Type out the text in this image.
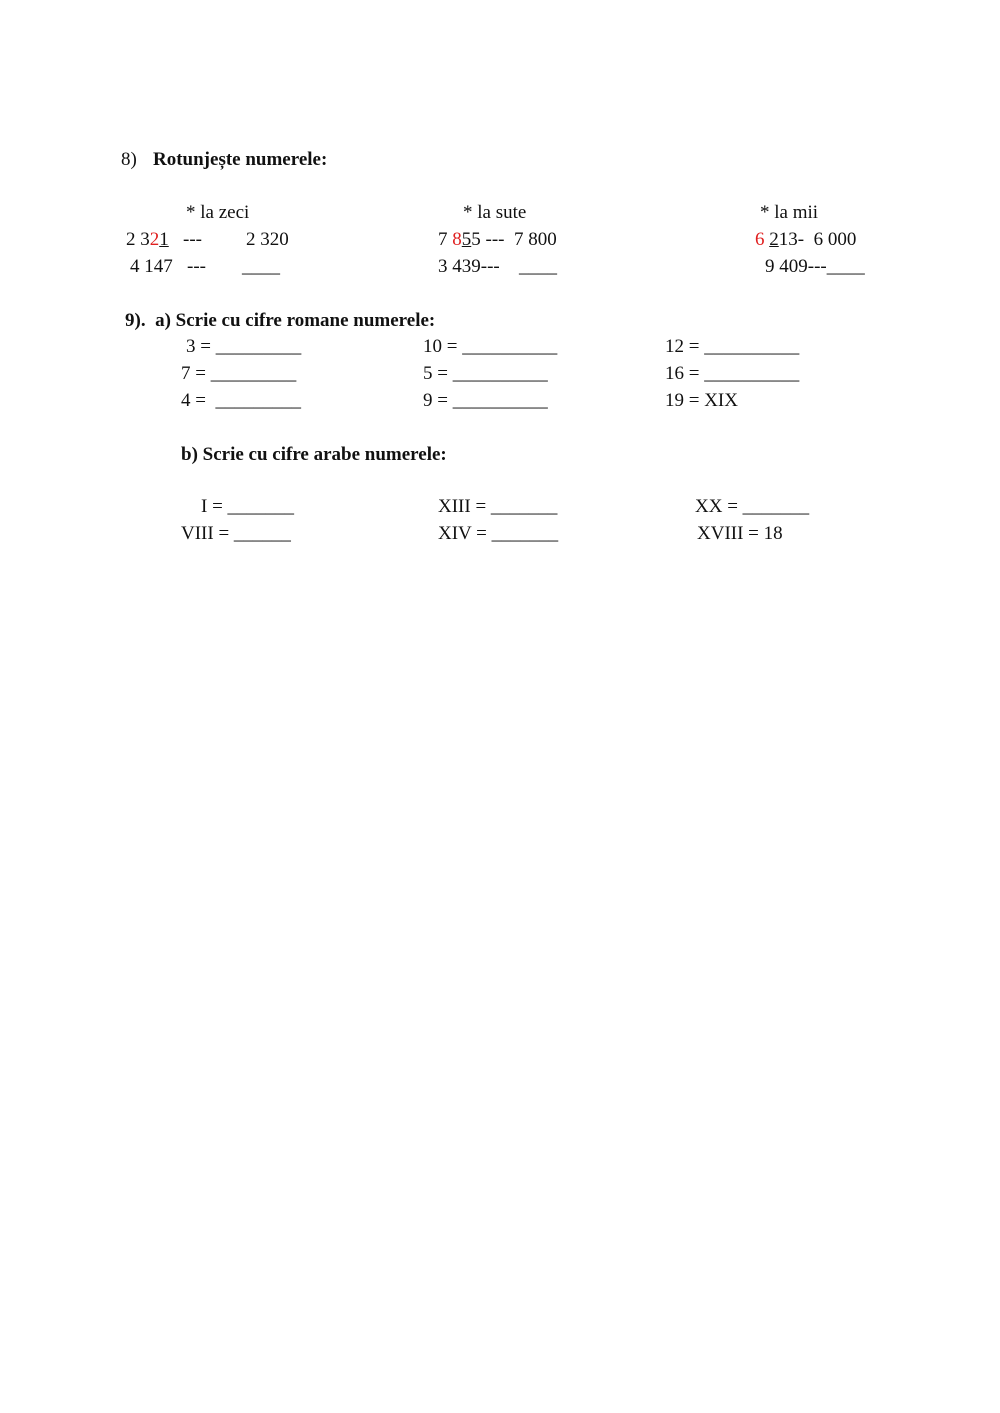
8) Rotunjește numerele:
* la zeci	* la sute	* la mii
2 321   --- 2 320
4 147   --- ____
7 855 ---  7 800
3 439--- ____
6 213-  6 000
9 409---____
9).  a) Scrie cu cifre romane numerele:
3 = _________
7 = _________
4 =  _________
10 = __________
5 = __________
9 = __________
12 = __________
16 = __________
19 = XIX
b) Scrie cu cifre arabe numerele:
I = _______
VIII = ______
XIII = _______
XIV = _______
XX = _______
XVIII = 18
